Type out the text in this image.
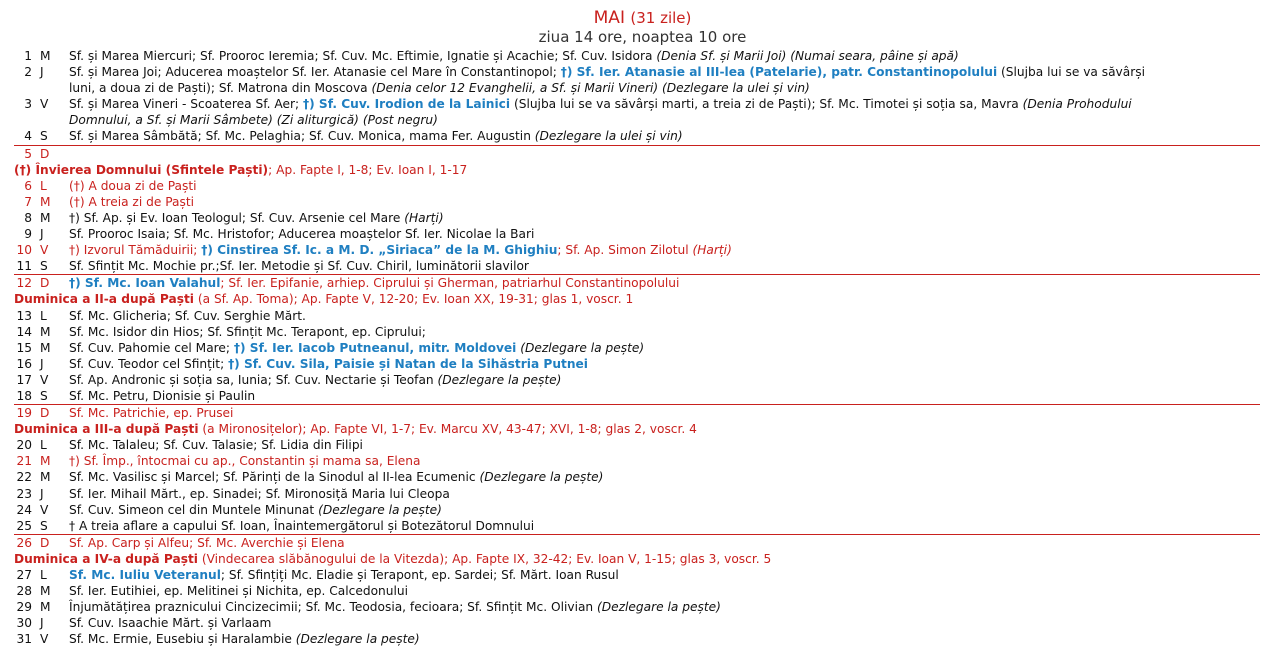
MAI (31 zile)
ziua 14 ore, noaptea 10 ore
1 M	Sf. și Marea Miercuri; Sf. Prooroc Ieremia; Sf. Cuv. Mc. Eftimie, Ignatie și Acachie; Sf. Cuv. Isidora (Denia Sf. și Marii Joi) (Numai seara, pâine și apă)
2 J	Sf. și Marea Joi; Aducerea moaștelor Sf. Ier. Atanasie cel Mare în Constantinopol; †) Sf. Ier. Atanasie al III-lea (Patelarie), patr. Constantinopolului (Slujba lui se va săvârși
luni, a doua zi de Paști); Sf. Matrona din Moscova (Denia celor 12 Evanghelii, a Sf. și Marii Vineri) (Dezlegare la ulei și vin)
3 V	Sf. și Marea Vineri - Scoaterea Sf. Aer; †) Sf. Cuv. Irodion de la Lainici (Slujba lui se va săvârși marti, a treia zi de Paști); Sf. Mc. Timotei și soția sa, Mavra (Denia Prohodului
Domnului, a Sf. și Marii Sâmbete) (Zi aliturgică) (Post negru)
4 S	Sf. și Marea Sâmbătă; Sf. Mc. Pelaghia; Sf. Cuv. Monica, mama Fer. Augustin (Dezlegare la ulei și vin)
5 D
(†) Învierea Domnului (Sfintele Paști); Ap. Fapte I, 1-8; Ev. Ioan I, 1-17
6 L	(†) A doua zi de Paști
7 M	(†) A treia zi de Paști
8 M	†) Sf. Ap. și Ev. Ioan Teologul; Sf. Cuv. Arsenie cel Mare (Harți)
9 J	Sf. Prooroc Isaia; Sf. Mc. Hristofor; Aducerea moaștelor Sf. Ier. Nicolae la Bari
10 V	†) Izvorul Tămăduirii; †) Cinstirea Sf. Ic. a M. D. „Siriaca” de la M. Ghighiu; Sf. Ap. Simon Zilotul (Harți)
11 S	Sf. Sfințit Mc. Mochie pr.;Sf. Ier. Metodie și Sf. Cuv. Chiril, luminătorii slavilor
12 D	†) Sf. Mc. Ioan Valahul; Sf. Ier. Epifanie, arhiep. Ciprului și Gherman, patriarhul Constantinopolului
Duminica a II-a după Paști (a Sf. Ap. Toma); Ap. Fapte V, 12-20; Ev. Ioan XX, 19-31; glas 1, voscr. 1
13 L	Sf. Mc. Glicheria; Sf. Cuv. Serghie Mărt.
14 M	Sf. Mc. Isidor din Hios; Sf. Sfințit Mc. Terapont, ep. Ciprului;
15 M	Sf. Cuv. Pahomie cel Mare; †) Sf. Ier. Iacob Putneanul, mitr. Moldovei (Dezlegare la pește)
16 J	Sf. Cuv. Teodor cel Sfințit; †) Sf. Cuv. Sila, Paisie și Natan de la Sihăstria Putnei
17 V	Sf. Ap. Andronic și soția sa, Iunia; Sf. Cuv. Nectarie și Teofan (Dezlegare la pește)
18 S	Sf. Mc. Petru, Dionisie și Paulin
19 D	Sf. Mc. Patrichie, ep. Prusei
Duminica a III-a după Paști (a Mironosițelor); Ap. Fapte VI, 1-7; Ev. Marcu XV, 43-47; XVI, 1-8; glas 2, voscr. 4
20 L	Sf. Mc. Talaleu; Sf. Cuv. Talasie; Sf. Lidia din Filipi
21 M	†) Sf. Împ., întocmai cu ap., Constantin și mama sa, Elena
22 M	Sf. Mc. Vasilisc și Marcel; Sf. Părinți de la Sinodul al II-lea Ecumenic (Dezlegare la pește)
23 J	Sf. Ier. Mihail Mărt., ep. Sinadei; Sf. Mironosiță Maria lui Cleopa
24 V	Sf. Cuv. Simeon cel din Muntele Minunat (Dezlegare la pește)
25 S	† A treia aflare a capului Sf. Ioan, Înaintemergătorul și Botezătorul Domnului
26 D	Sf. Ap. Carp și Alfeu; Sf. Mc. Averchie și Elena
Duminica a IV-a după Paști (Vindecarea slăbănogului de la Vitezda); Ap. Fapte IX, 32-42; Ev. Ioan V, 1-15; glas 3, voscr. 5
27 L	Sf. Mc. Iuliu Veteranul; Sf. Sfințiți Mc. Eladie și Terapont, ep. Sardei; Sf. Mărt. Ioan Rusul
28 M	Sf. Ier. Eutihiei, ep. Melitinei și Nichita, ep. Calcedonului
29 M	Înjumătățirea praznicului Cincizecimii; Sf. Mc. Teodosia, fecioara; Sf. Sfințit Mc. Olivian (Dezlegare la pește)
30 J	Sf. Cuv. Isaachie Mărt. și Varlaam
31 V	Sf. Mc. Ermie, Eusebiu și Haralambie (Dezlegare la pește)
